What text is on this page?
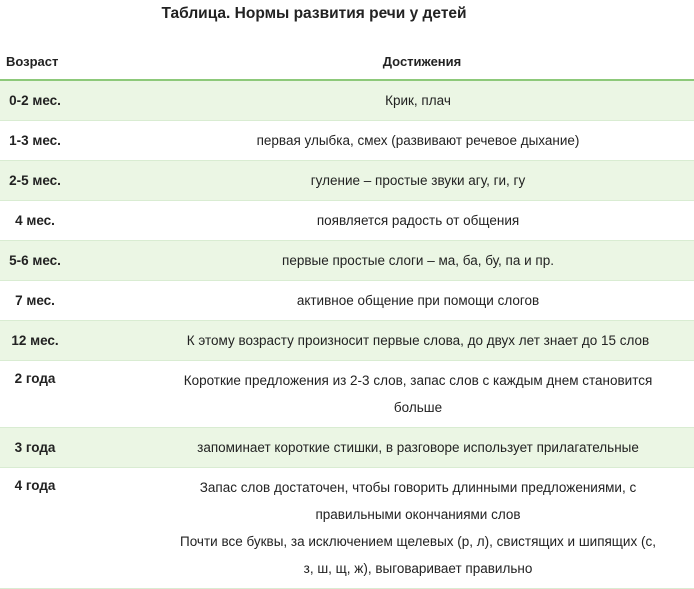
Таблица. Нормы развития речи у детей
Возраст	Достижения
0-2 мес.	Крик, плач

1-3 мес.	первая улыбка, смех (развивают речевое дыхание)

2-5 мес.	гуление – простые звуки агу, ги, гу

4 мес.	появляется радость от общения

5-6 мес.	первые простые слоги – ма, ба, бу, па и пр.

7 мес.	активное общение при помощи слогов

12 мес.	К этому возрасту произносит первые слова, до двух лет знает до 15 слов

2 года	Короткие предложения из 2-3 слов, запас слов с каждым днем становится
больше

3 года	запоминает короткие стишки, в разговоре использует прилагательные

4 года	Запас слов достаточен, чтобы говорить длинными предложениями, с
правильными окончаниями слов
Почти все буквы, за исключением щелевых (р, л), свистящих и шипящих (с,
з, ш, щ, ж), выговаривает правильно
